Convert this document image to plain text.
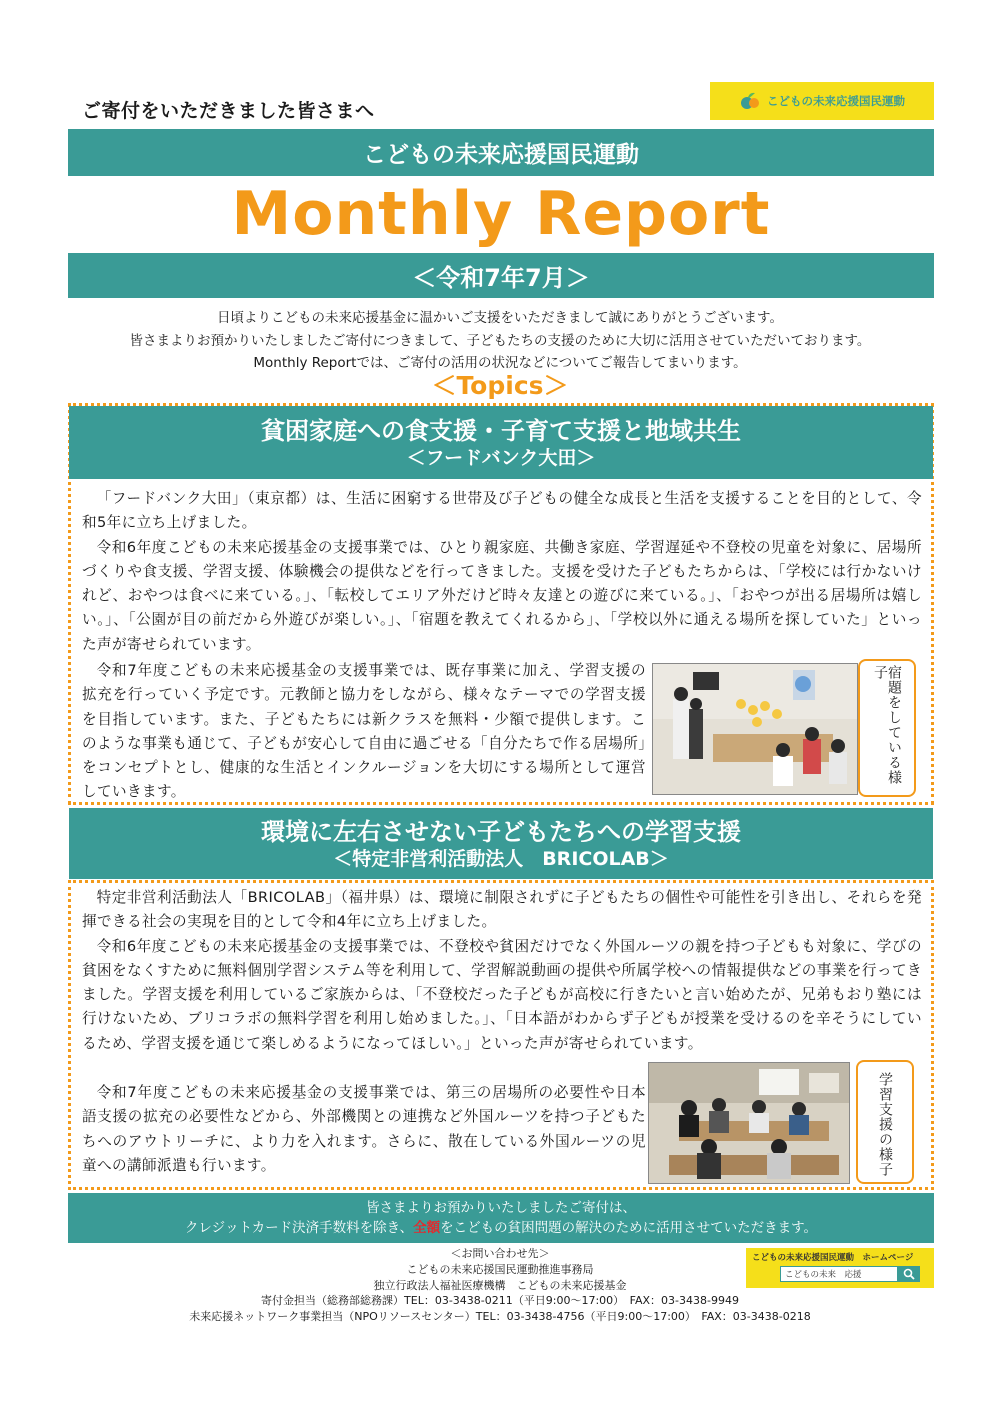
ご寄付をいただきました皆さまへ	こどもの未来応援国民運動
こどもの未来応援国民運動
Monthly Report
＜令和7年7月＞
日頃よりこどもの未来応援基金に温かいご支援をいただきまして誠にありがとうございます。
皆さまよりお預かりいたしましたご寄付につきまして、子どもたちの支援のために大切に活用させていただいております。
Monthly Reportでは、ご寄付の活用の状況などについてご報告してまいります。
＜Topics＞
貧困家庭への食支援・子育て支援と地域共生
＜フードバンク大田＞

「フードバンク大田」（東京都）は、生活に困窮する世帯及び子どもの健全な成長と生活を支援することを目的として、令和5年に立ち上げました。

令和6年度こどもの未来応援基金の支援事業では、ひとり親家庭、共働き家庭、学習遅延や不登校の児童を対象に、居場所づくりや食支援、学習支援、体験機会の提供などを行ってきました。支援を受けた子どもたちからは、「学校には行かないけれど、おやつは食べに来ている。」、「転校してエリア外だけど時々友達との遊びに来ている。」、「おやつが出る居場所は嬉しい。」、「公園が目の前だから外遊びが楽しい。」、「宿題を教えてくれるから」、「学校以外に通える場所を探していた」といった声が寄せられています。

令和7年度こどもの未来応援基金の支援事業では、既存事業に加え、学習支援の拡充を行っていく予定です。元教師と協力をしながら、様々なテーマでの学習支援を目指しています。また、子どもたちには新クラスを無料・少額で提供します。このような事業も通じて、子どもが安心して自由に過ごせる「自分たちで作る居場所」をコンセプトとし、健康的な生活とインクルージョンを大切にする場所として運営していきます。

宿題をしている様子
環境に左右させない子どもたちへの学習支援
＜特定非営利活動法人　BRICOLAB＞

特定非営利活動法人「BRICOLAB」（福井県）は、環境に制限されずに子どもたちの個性や可能性を引き出し、それらを発揮できる社会の実現を目的として令和4年に立ち上げました。

令和6年度こどもの未来応援基金の支援事業では、不登校や貧困だけでなく外国ルーツの親を持つ子どもも対象に、学びの貧困をなくすために無料個別学習システム等を利用して、学習解説動画の提供や所属学校への情報提供などの事業を行ってきました。学習支援を利用しているご家族からは、「不登校だった子どもが高校に行きたいと言い始めたが、兄弟もおり塾には行けないため、ブリコラボの無料学習を利用し始めました。」、「日本語がわからず子どもが授業を受けるのを辛そうにしているため、学習支援を通じて楽しめるようになってほしい。」といった声が寄せられています。

令和7年度こどもの未来応援基金の支援事業では、第三の居場所の必要性や日本語支援の拡充の必要性などから、外部機関との連携など外国ルーツを持つ子どもたちへのアウトリーチに、より力を入れます。さらに、散在している外国ルーツの児童への講師派遣も行います。	学習支援の様子
皆さまよりお預かりいたしましたご寄付は、
クレジットカード決済手数料を除き、全額をこどもの貧困問題の解決のために活用させていただきます。
＜お問い合わせ先＞
こどもの未来応援国民運動推進事務局
独立行政法人福祉医療機構　こどもの未来応援基金
寄付金担当（総務部総務課）TEL：03-3438-0211（平日9:00～17:00）　FAX：03-3438-9949
未来応援ネットワーク事業担当（NPOリソースセンター）TEL：03-3438-4756（平日9:00～17:00）　FAX：03-3438-0218
こどもの未来応援国民運動　ホームページ
こどもの未来　応援
